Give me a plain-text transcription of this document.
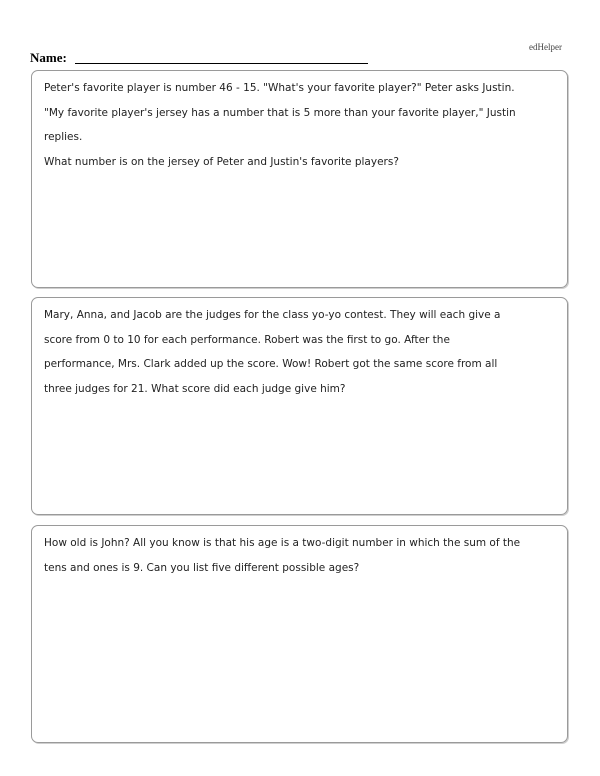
edHelper
Name:
Peter's favorite player is number 46 - 15. "What's your favorite player?" Peter asks Justin.
"My favorite player's jersey has a number that is 5 more than your favorite player," Justin
replies.
What number is on the jersey of Peter and Justin's favorite players?
Mary, Anna, and Jacob are the judges for the class yo-yo contest. They will each give a
score from 0 to 10 for each performance. Robert was the first to go. After the
performance, Mrs. Clark added up the score. Wow! Robert got the same score from all
three judges for 21. What score did each judge give him?
How old is John? All you know is that his age is a two-digit number in which the sum of the
tens and ones is 9. Can you list five different possible ages?
